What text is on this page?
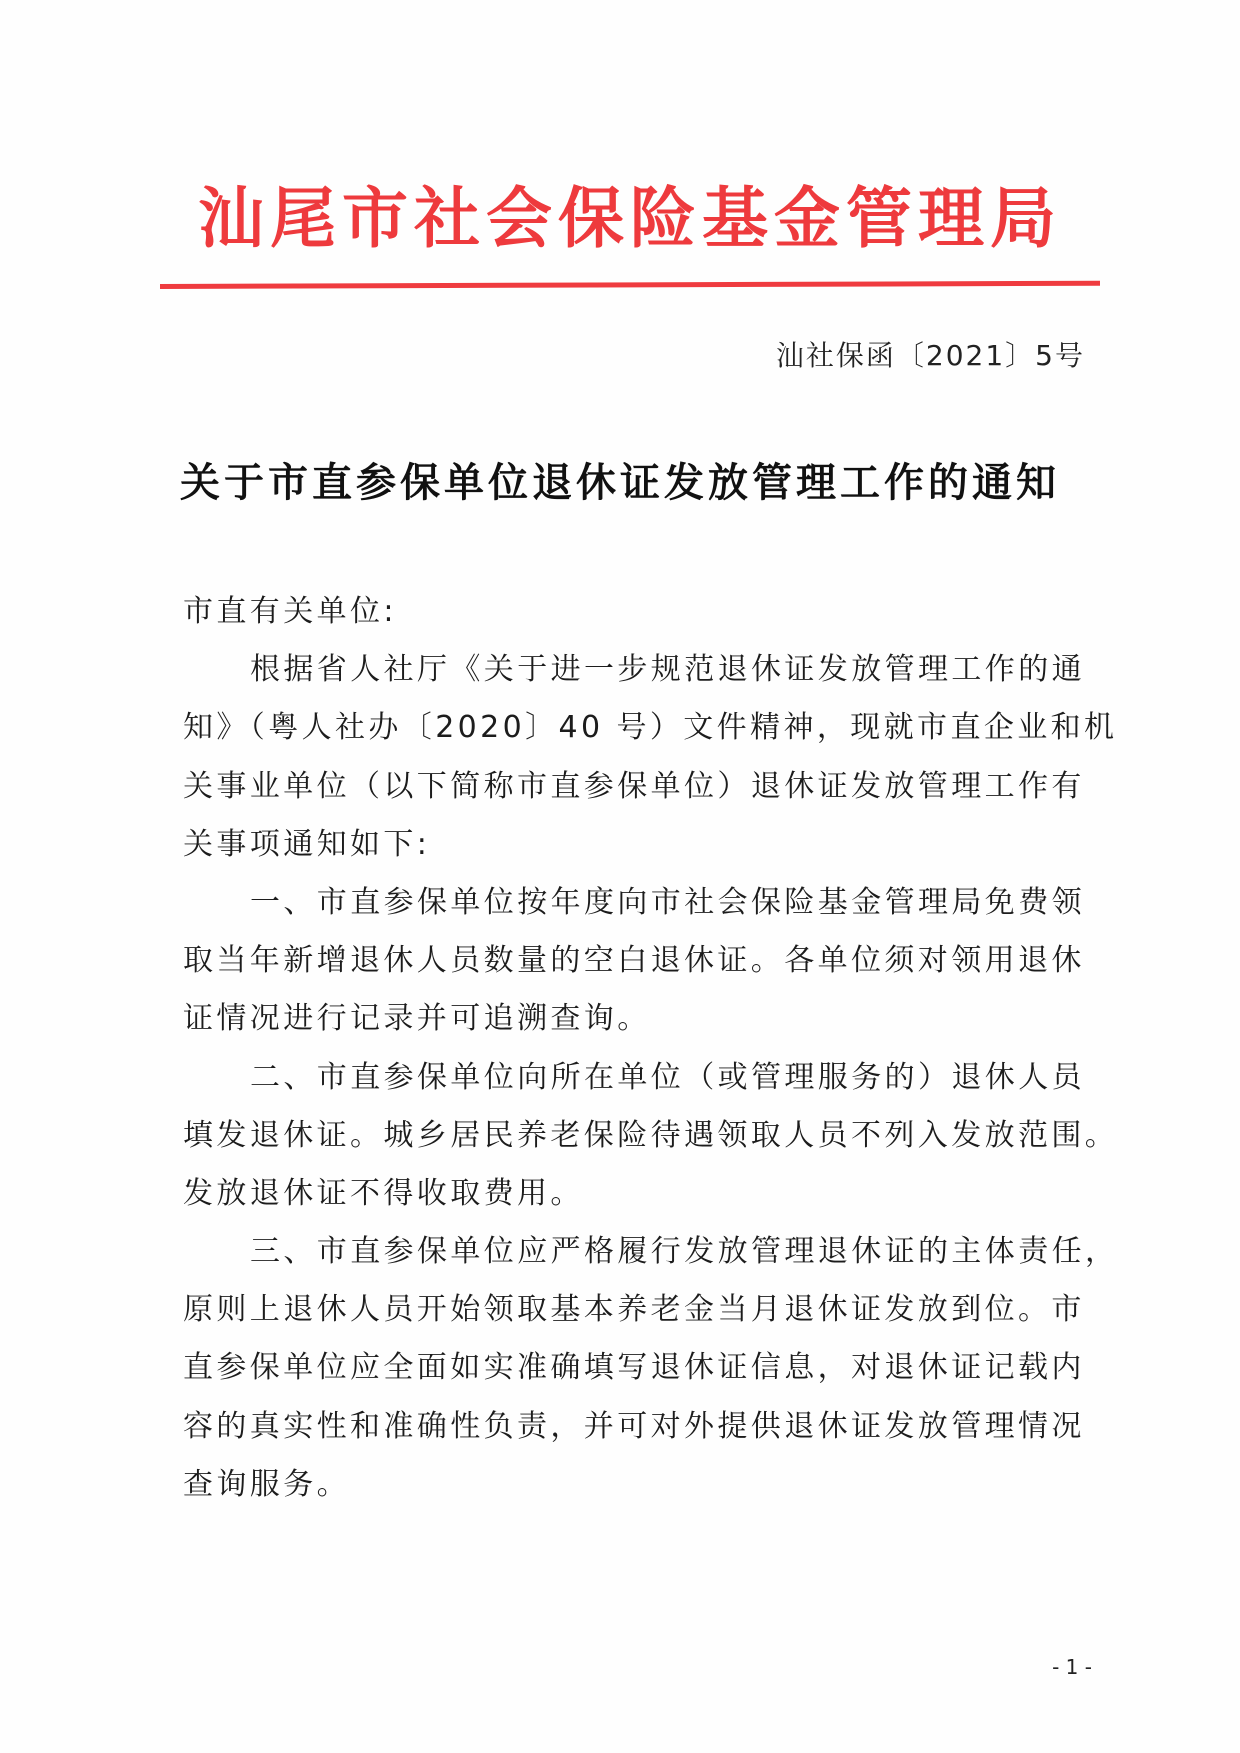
汕尾市社会保险基金管理局
汕社保函〔2021〕5号
关于市直参保单位退休证发放管理工作的通知
市直有关单位:
根据省人社厅《关于进一步规范退休证发放管理工作的通
知》（粤人社办〔2020〕40 号）文件精神，现就市直企业和机
关事业单位（以下简称市直参保单位）退休证发放管理工作有
关事项通知如下:
一、市直参保单位按年度向市社会保险基金管理局免费领
取当年新增退休人员数量的空白退休证。各单位须对领用退休
证情况进行记录并可追溯查询。
二、市直参保单位向所在单位（或管理服务的）退休人员
填发退休证。城乡居民养老保险待遇领取人员不列入发放范围。
发放退休证不得收取费用。
三、市直参保单位应严格履行发放管理退休证的主体责任，
原则上退休人员开始领取基本养老金当月退休证发放到位。市
直参保单位应全面如实准确填写退休证信息，对退休证记载内
容的真实性和准确性负责，并可对外提供退休证发放管理情况
查询服务。
- 1 -
